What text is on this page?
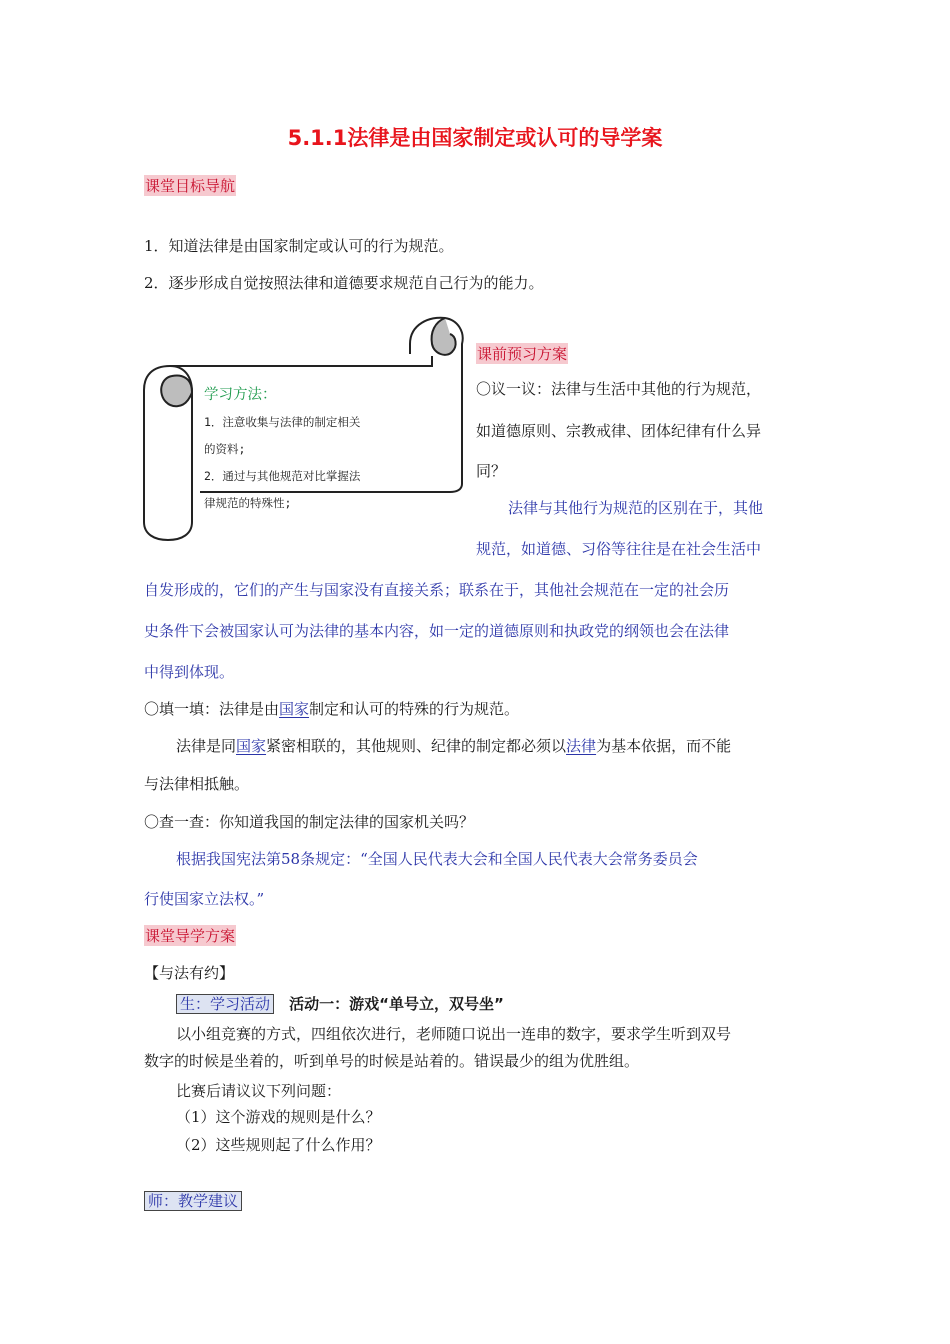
5.1.1法律是由国家制定或认可的导学案
课堂目标导航
1．知道法律是由国家制定或认可的行为规范。
2．逐步形成自觉按照法律和道德要求规范自己行为的能力。
学习方法：
1．注意收集与法律的制定相关
的资料;
2．通过与其他规范对比掌握法
律规范的特殊性;
课前预习方案
〇议一议：法律与生活中其他的行为规范，
如道德原则、宗教戒律、团体纪律有什么异
同？
法律与其他行为规范的区别在于，其他
规范，如道德、习俗等往往是在社会生活中
自发形成的，它们的产生与国家没有直接关系；联系在于，其他社会规范在一定的社会历
史条件下会被国家认可为法律的基本内容，如一定的道德原则和执政党的纲领也会在法律
中得到体现。
〇填一填：法律是由国家制定和认可的特殊的行为规范。
法律是同国家紧密相联的，其他规则、纪律的制定都必须以法律为基本依据，而不能
与法律相抵触。
〇查一查：你知道我国的制定法律的国家机关吗？
根据我国宪法第58条规定：“全国人民代表大会和全国人民代表大会常务委员会
行使国家立法权。”
课堂导学方案
【与法有约】
生：学习活动 活动一：游戏“单号立，双号坐”
以小组竞赛的方式，四组依次进行，老师随口说出一连串的数字，要求学生听到双号
数字的时候是坐着的，听到单号的时候是站着的。错误最少的组为优胜组。
比赛后请议议下列问题：
（1）这个游戏的规则是什么？
（2）这些规则起了什么作用？
师：教学建议
